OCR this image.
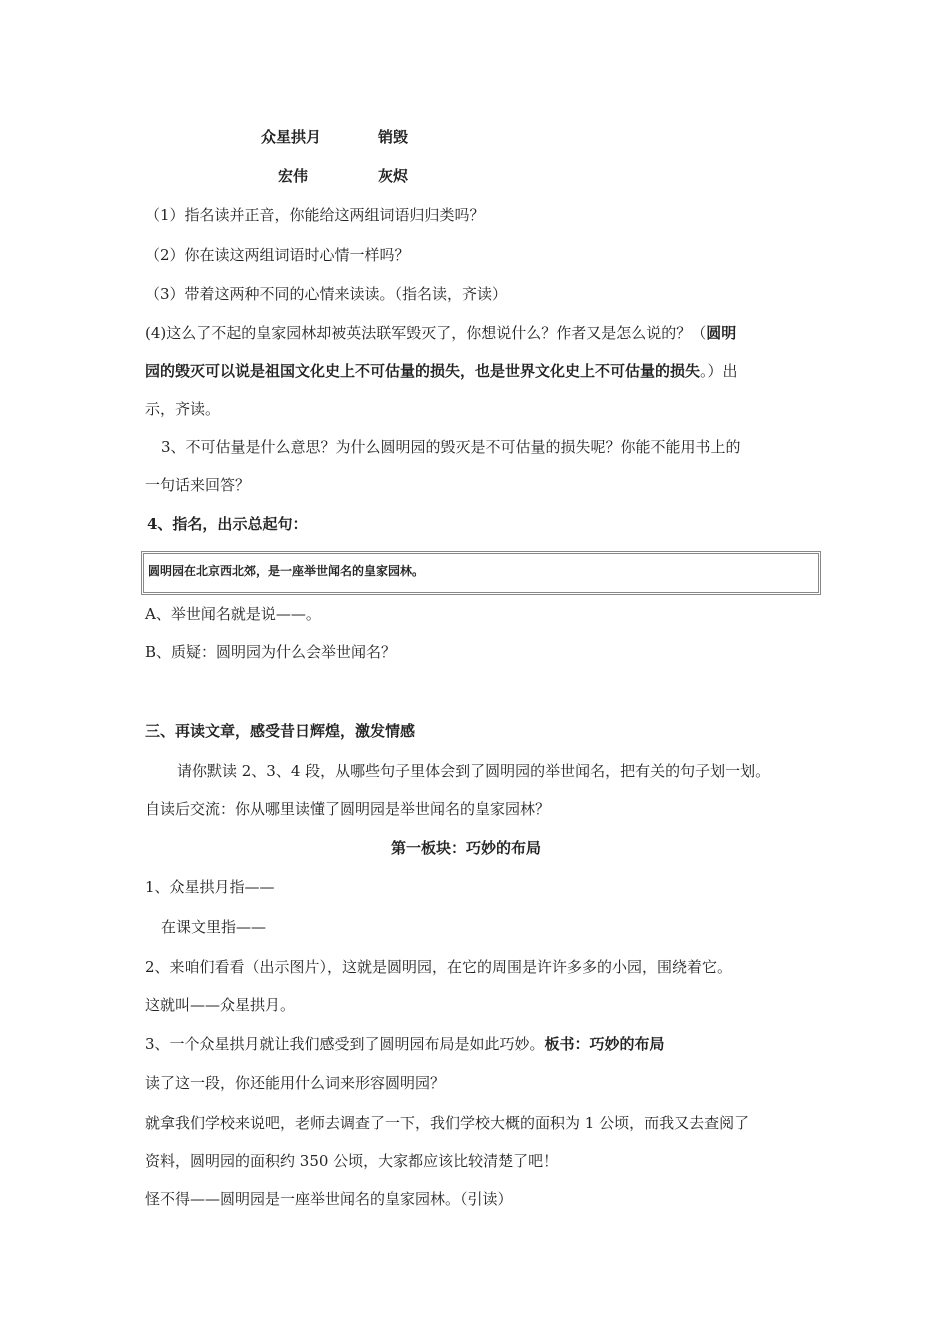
众星拱月	销毁
宏伟	灰烬
（1）指名读并正音，你能给这两组词语归归类吗？
（2）你在读这两组词语时心情一样吗？
（3）带着这两种不同的心情来读读。（指名读，齐读）
(4)这么了不起的皇家园林却被英法联军毁灭了，你想说什么？作者又是怎么说的？（圆明
园的毁灭可以说是祖国文化史上不可估量的损失，也是世界文化史上不可估量的损失。）出
示，齐读。
3、不可估量是什么意思？为什么圆明园的毁灭是不可估量的损失呢？你能不能用书上的
一句话来回答？
4、指名，出示总起句：
圆明园在北京西北郊，是一座举世闻名的皇家园林。
A、举世闻名就是说——。
B、质疑：圆明园为什么会举世闻名？
三、再读文章，感受昔日辉煌，激发情感
请你默读 2、3、4 段，从哪些句子里体会到了圆明园的举世闻名，把有关的句子划一划。
自读后交流：你从哪里读懂了圆明园是举世闻名的皇家园林？
第一板块：巧妙的布局
1、众星拱月指——
在课文里指——
2、来咱们看看（出示图片），这就是圆明园，在它的周围是许许多多的小园，围绕着它。
这就叫——众星拱月。
3、一个众星拱月就让我们感受到了圆明园布局是如此巧妙。板书：巧妙的布局
读了这一段，你还能用什么词来形容圆明园？
就拿我们学校来说吧，老师去调查了一下，我们学校大概的面积为 1 公顷，而我又去查阅了
资料，圆明园的面积约 350 公顷，大家都应该比较清楚了吧！
怪不得——圆明园是一座举世闻名的皇家园林。（引读）
